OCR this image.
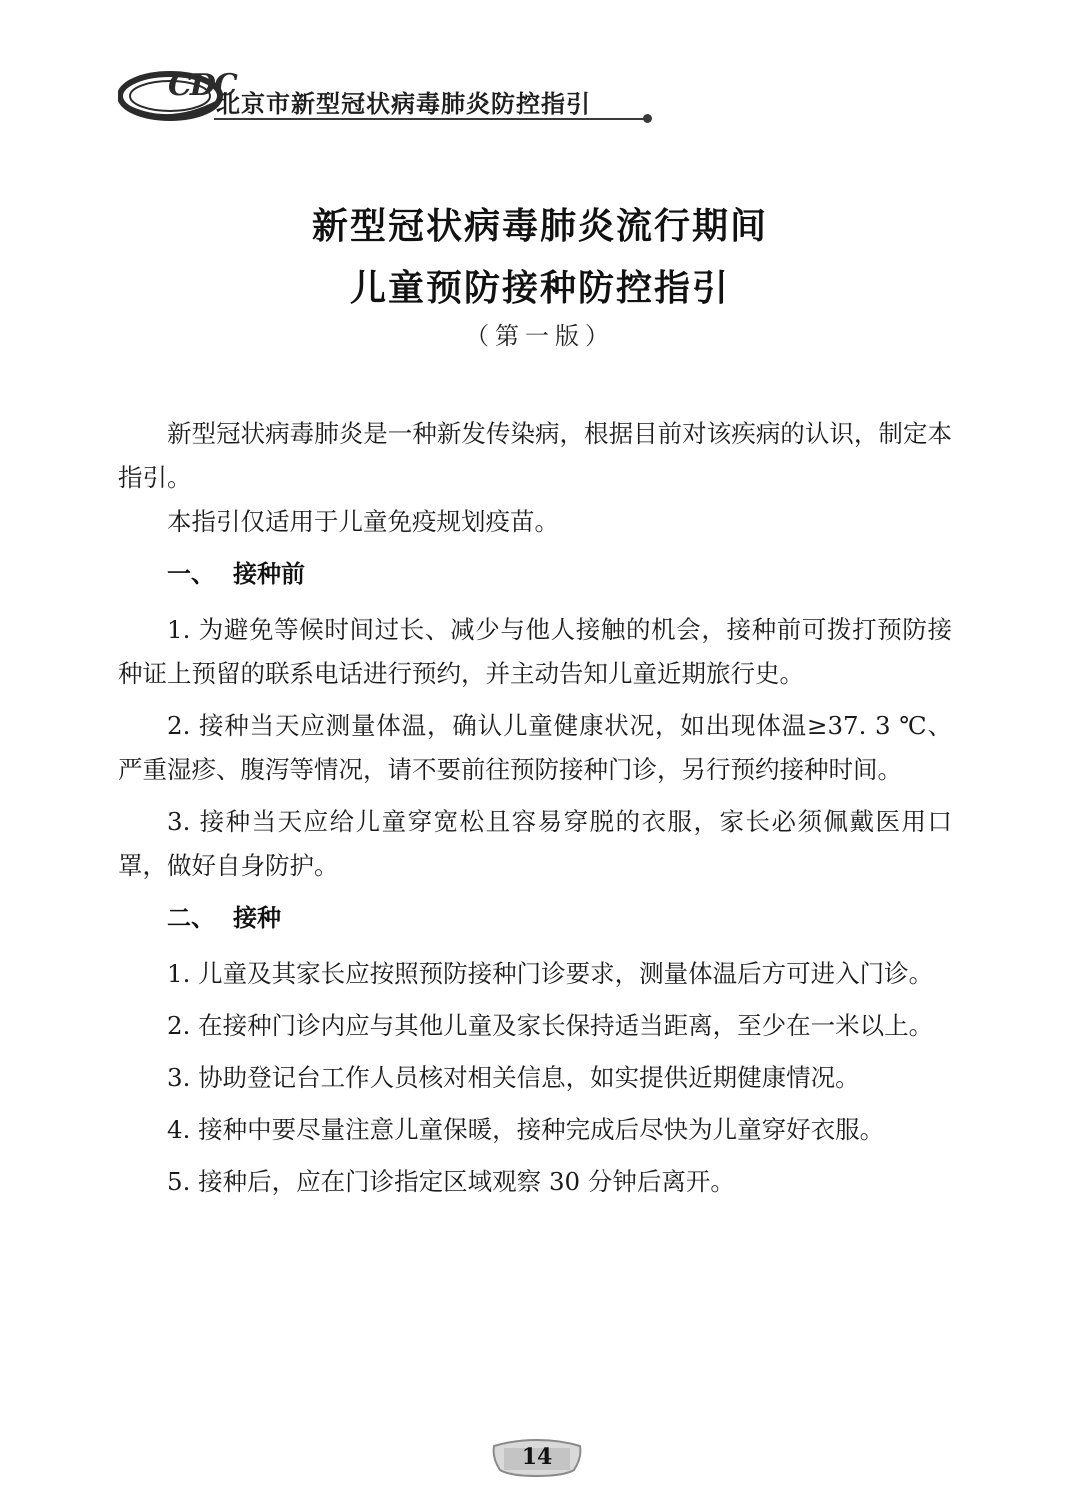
CDC
北京市新型冠状病毒肺炎防控指引
新型冠状病毒肺炎流行期间
儿童预防接种防控指引
（第一版）

新型冠状病毒肺炎是一种新发传染病，根据目前对该疾病的认识，制定本指引。

本指引仅适用于儿童免疫规划疫苗。

一、 接种前

1. 为避免等候时间过长、减少与他人接触的机会，接种前可拨打预防接种证上预留的联系电话进行预约，并主动告知儿童近期旅行史。

2. 接种当天应测量体温，确认儿童健康状况，如出现体温≥37. 3 ℃、严重湿疹、腹泻等情况，请不要前往预防接种门诊，另行预约接种时间。

3. 接种当天应给儿童穿宽松且容易穿脱的衣服，家长必须佩戴医用口罩，做好自身防护。

二、 接种

1. 儿童及其家长应按照预防接种门诊要求，测量体温后方可进入门诊。

2. 在接种门诊内应与其他儿童及家长保持适当距离，至少在一米以上。

3. 协助登记台工作人员核对相关信息，如实提供近期健康情况。

4. 接种中要尽量注意儿童保暖，接种完成后尽快为儿童穿好衣服。

5. 接种后，应在门诊指定区域观察 30 分钟后离开。

14
